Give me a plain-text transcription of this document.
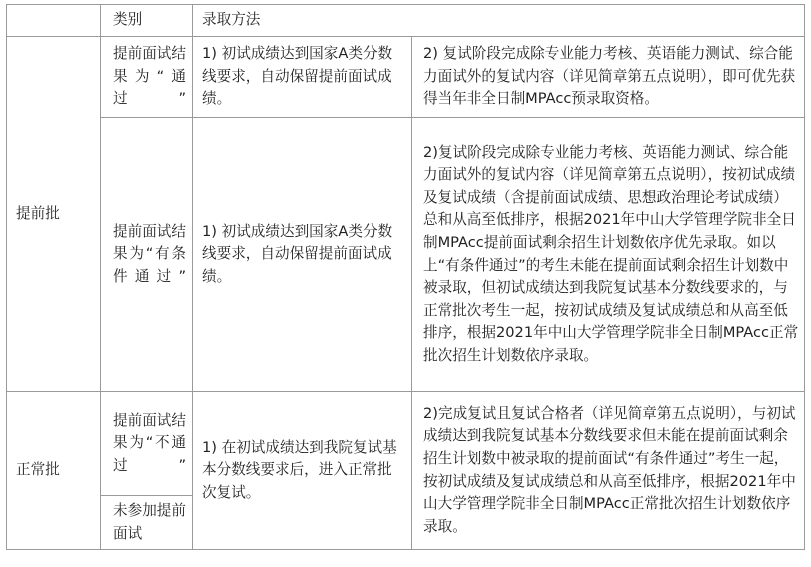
	类别	录取方法	
提前批	提前面试结果为“通过”	1) 初试成绩达到国家A类分数线要求，自动保留提前面试成绩。	2) 复试阶段完成除专业能力考核、英语能力测试、综合能力面试外的复试内容（详见简章第五点说明），即可优先获得当年非全日制MPAcc预录取资格。
	提前面试结果为“有条件通过”	1) 初试成绩达到国家A类分数线要求，自动保留提前面试成绩。	2)复试阶段完成除专业能力考核、英语能力测试、综合能力面试外的复试内容（详见简章第五点说明），按初试成绩及复试成绩（含提前面试成绩、思想政治理论考试成绩）总和从高至低排序，根据2021年中山大学管理学院非全日制MPAcc提前面试剩余招生计划数依序优先录取。如以上“有条件通过”的考生未能在提前面试剩余招生计划数中被录取，但初试成绩达到我院复试基本分数线要求的，与正常批次考生一起，按初试成绩及复试成绩总和从高至低排序，根据2021年中山大学管理学院非全日制MPAcc正常批次招生计划数依序录取。
正常批	提前面试结果为“不通过”	1) 在初试成绩达到我院复试基本分数线要求后，进入正常批次复试。	2)完成复试且复试合格者（详见简章第五点说明），与初试成绩达到我院复试基本分数线要求但未能在提前面试剩余招生计划数中被录取的提前面试“有条件通过”考生一起，按初试成绩及复试成绩总和从高至低排序，根据2021年中山大学管理学院非全日制MPAcc正常批次招生计划数依序录取。
	未参加提前面试		
